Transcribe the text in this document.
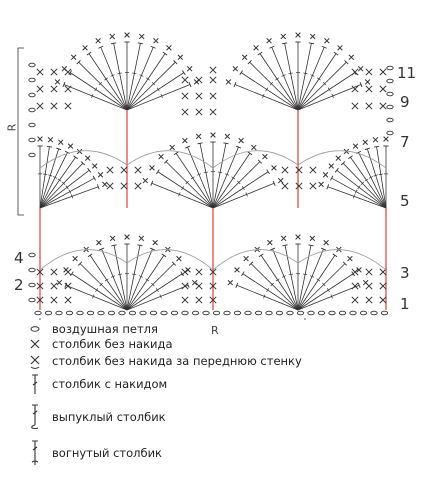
11
9
7
5
3
1
4
2
R
R
воздушная петля
столбик без накида
столбик без накида за переднюю стенку
столбик с накидом
выпуклый столбик
вогнутый столбик
